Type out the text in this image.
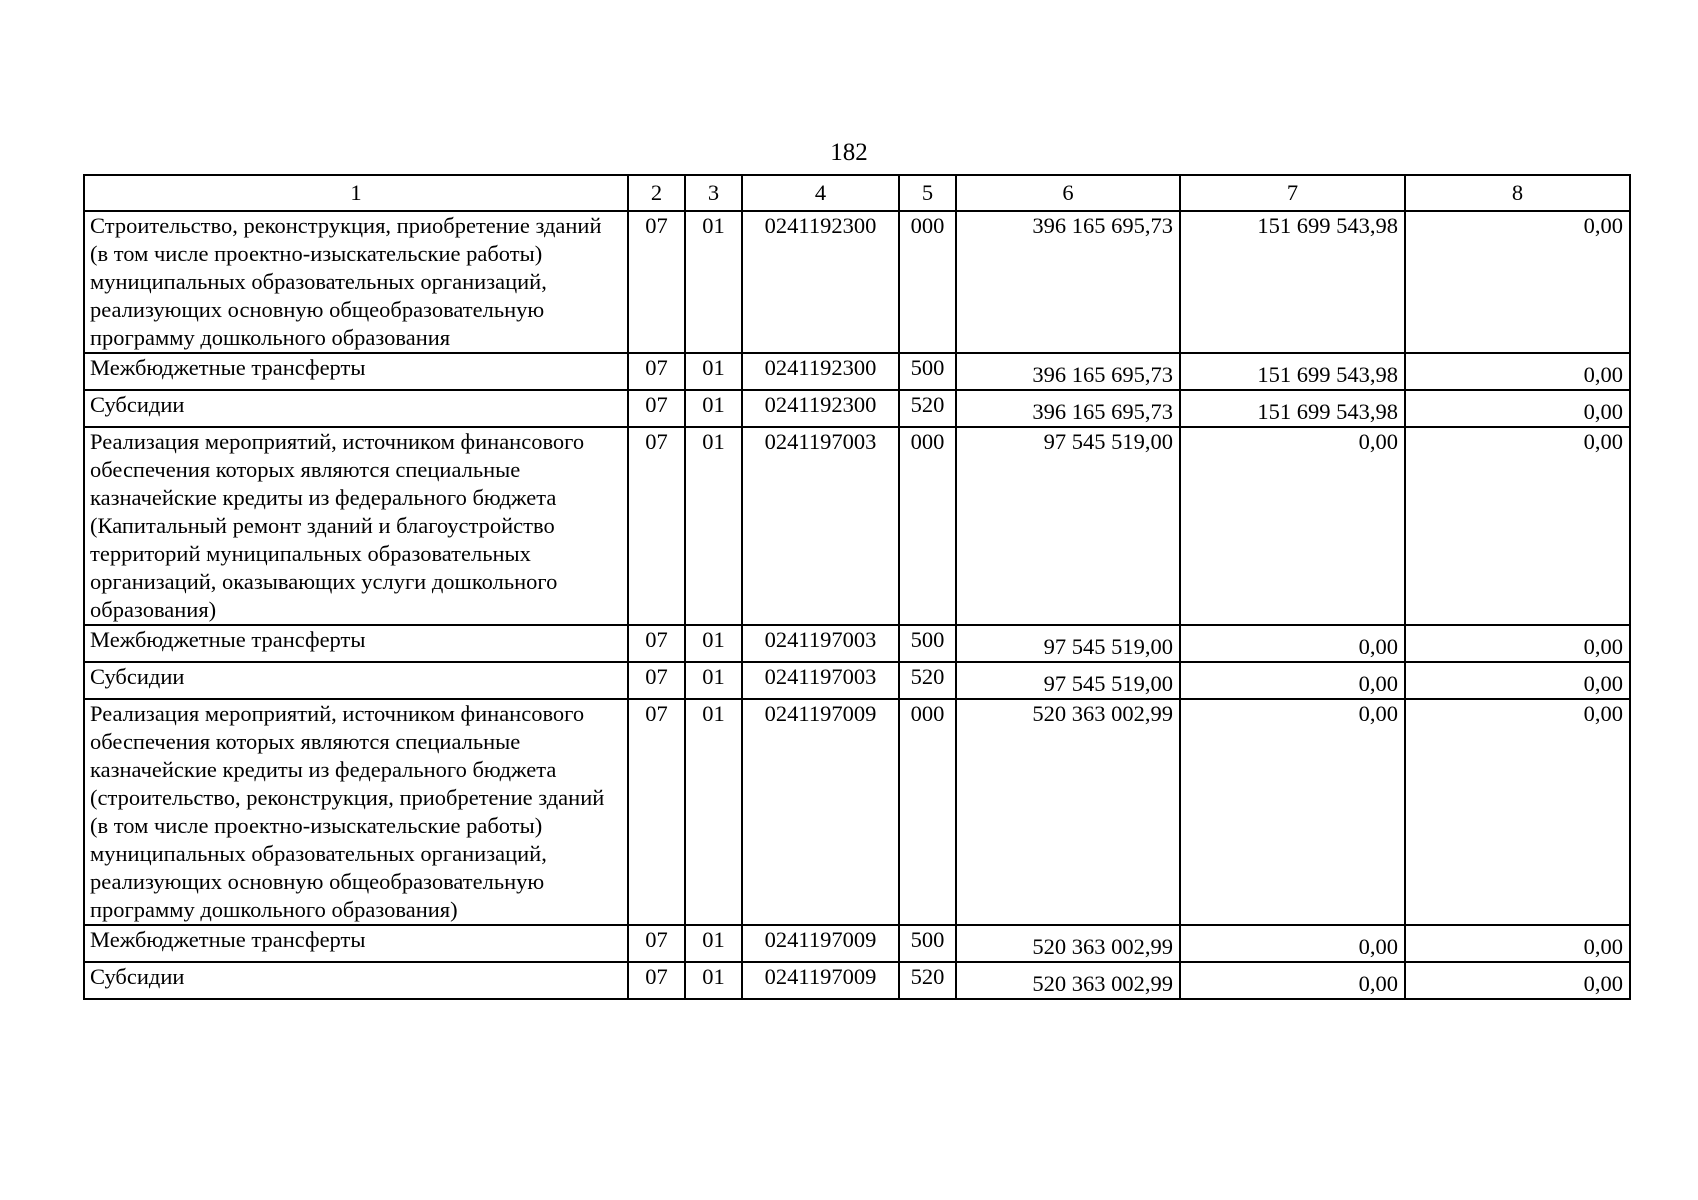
182
1	2	3	4	5	6	7	8
Строительство, реконструкция, приобретение зданий (в том числе проектно-изыскательские работы) муниципальных образовательных организаций, реализующих основную общеобразовательную программу дошкольного образования	07	01	0241192300	000	396 165 695,73	151 699 543,98	0,00
Межбюджетные трансферты	07	01	0241192300	500	396 165 695,73	151 699 543,98	0,00
Субсидии	07	01	0241192300	520	396 165 695,73	151 699 543,98	0,00
Реализация мероприятий, источником финансового обеспечения которых являются специальные казначейские кредиты из федерального бюджета (Капитальный ремонт зданий и благоустройство территорий муниципальных образовательных организаций, оказывающих услуги дошкольного образования)	07	01	0241197003	000	97 545 519,00	0,00	0,00
Межбюджетные трансферты	07	01	0241197003	500	97 545 519,00	0,00	0,00
Субсидии	07	01	0241197003	520	97 545 519,00	0,00	0,00
Реализация мероприятий, источником финансового обеспечения которых являются специальные казначейские кредиты из федерального бюджета (строительство, реконструкция, приобретение зданий (в том числе проектно-изыскательские работы) муниципальных образовательных организаций, реализующих основную общеобразовательную программу дошкольного образования)	07	01	0241197009	000	520 363 002,99	0,00	0,00
Межбюджетные трансферты	07	01	0241197009	500	520 363 002,99	0,00	0,00
Субсидии	07	01	0241197009	520	520 363 002,99	0,00	0,00
